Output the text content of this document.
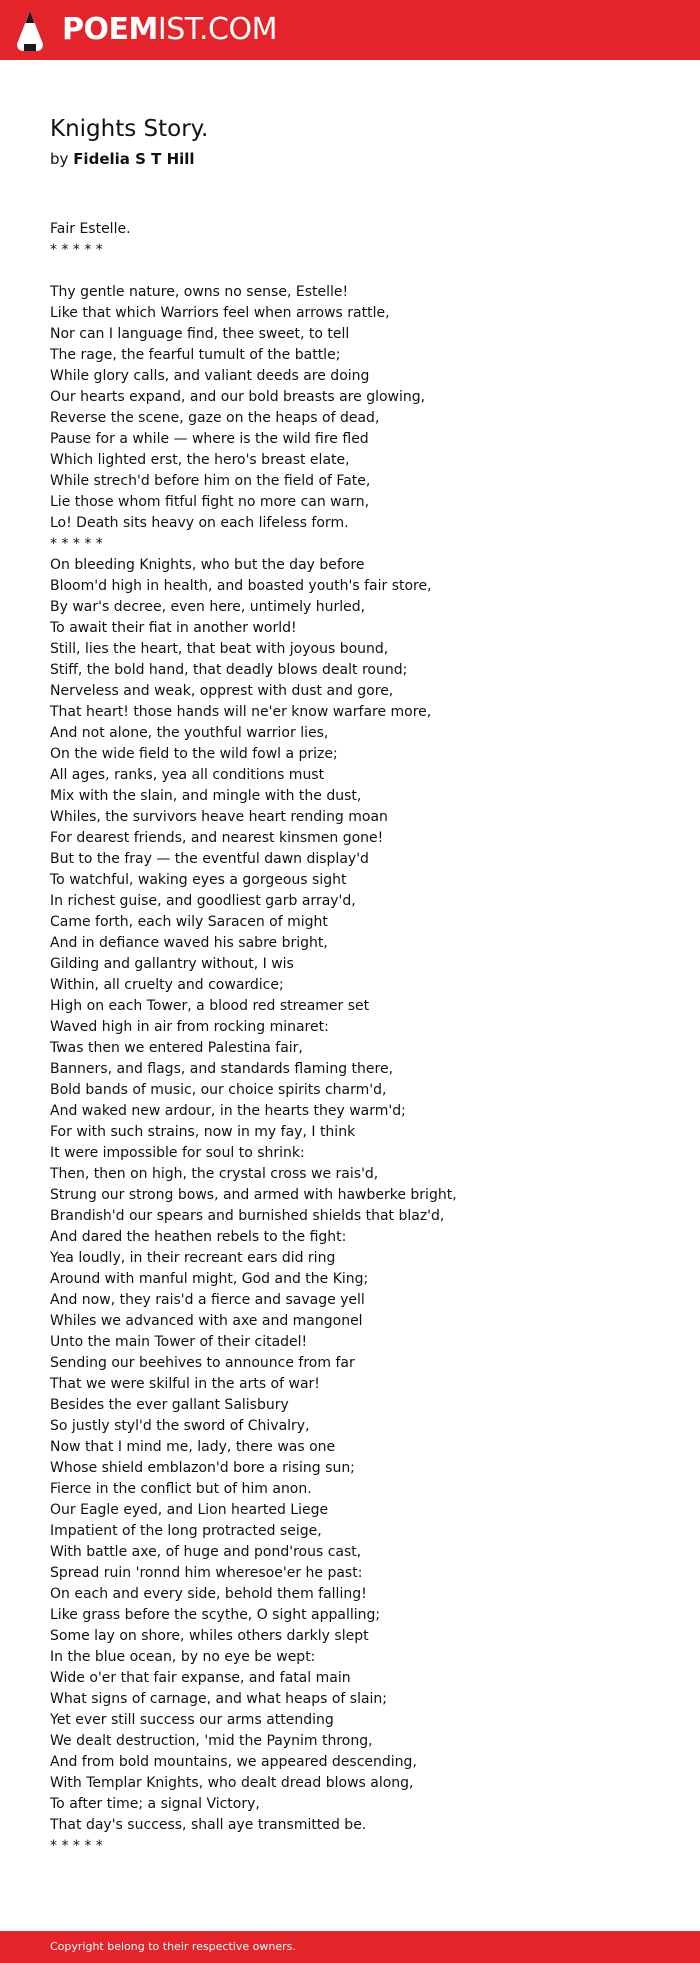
POEMIST.COM
Knights Story.
by Fidelia S T Hill
Fair Estelle.
* * * * *
Thy gentle nature, owns no sense, Estelle!
Like that which Warriors feel when arrows rattle,
Nor can I language find, thee sweet, to tell
The rage, the fearful tumult of the battle;
While glory calls, and valiant deeds are doing
Our hearts expand, and our bold breasts are glowing,
Reverse the scene, gaze on the heaps of dead,
Pause for a while — where is the wild fire fled
Which lighted erst, the hero's breast elate,
While strech'd before him on the field of Fate,
Lie those whom fitful fight no more can warn,
Lo! Death sits heavy on each lifeless form.
* * * * *
On bleeding Knights, who but the day before
Bloom'd high in health, and boasted youth's fair store,
By war's decree, even here, untimely hurled,
To await their fiat in another world!
Still, lies the heart, that beat with joyous bound,
Stiff, the bold hand, that deadly blows dealt round;
Nerveless and weak, opprest with dust and gore,
That heart! those hands will ne'er know warfare more,
And not alone, the youthful warrior lies,
On the wide field to the wild fowl a prize;
All ages, ranks, yea all conditions must
Mix with the slain, and mingle with the dust,
Whiles, the survivors heave heart rending moan
For dearest friends, and nearest kinsmen gone!
But to the fray — the eventful dawn display'd
To watchful, waking eyes a gorgeous sight
In richest guise, and goodliest garb array'd,
Came forth, each wily Saracen of might
And in defiance waved his sabre bright,
Gilding and gallantry without, I wis
Within, all cruelty and cowardice;
High on each Tower, a blood red streamer set
Waved high in air from rocking minaret:
Twas then we entered Palestina fair,
Banners, and flags, and standards flaming there,
Bold bands of music, our choice spirits charm'd,
And waked new ardour, in the hearts they warm'd;
For with such strains, now in my fay, I think
It were impossible for soul to shrink:
Then, then on high, the crystal cross we rais'd,
Strung our strong bows, and armed with hawberke bright,
Brandish'd our spears and burnished shields that blaz'd,
And dared the heathen rebels to the fight:
Yea loudly, in their recreant ears did ring
Around with manful might, God and the King;
And now, they rais'd a fierce and savage yell
Whiles we advanced with axe and mangonel
Unto the main Tower of their citadel!
Sending our beehives to announce from far
That we were skilful in the arts of war!
Besides the ever gallant Salisbury
So justly styl'd the sword of Chivalry,
Now that I mind me, lady, there was one
Whose shield emblazon'd bore a rising sun;
Fierce in the conflict but of him anon.
Our Eagle eyed, and Lion hearted Liege
Impatient of the long protracted seige,
With battle axe, of huge and pond'rous cast,
Spread ruin 'ronnd him wheresoe'er he past:
On each and every side, behold them falling!
Like grass before the scythe, O sight appalling;
Some lay on shore, whiles others darkly slept
In the blue ocean, by no eye be wept:
Wide o'er that fair expanse, and fatal main
What signs of carnage, and what heaps of slain;
Yet ever still success our arms attending
We dealt destruction, 'mid the Paynim throng,
And from bold mountains, we appeared descending,
With Templar Knights, who dealt dread blows along,
To after time; a signal Victory,
That day's success, shall aye transmitted be.
* * * * *
Copyright belong to their respective owners.
